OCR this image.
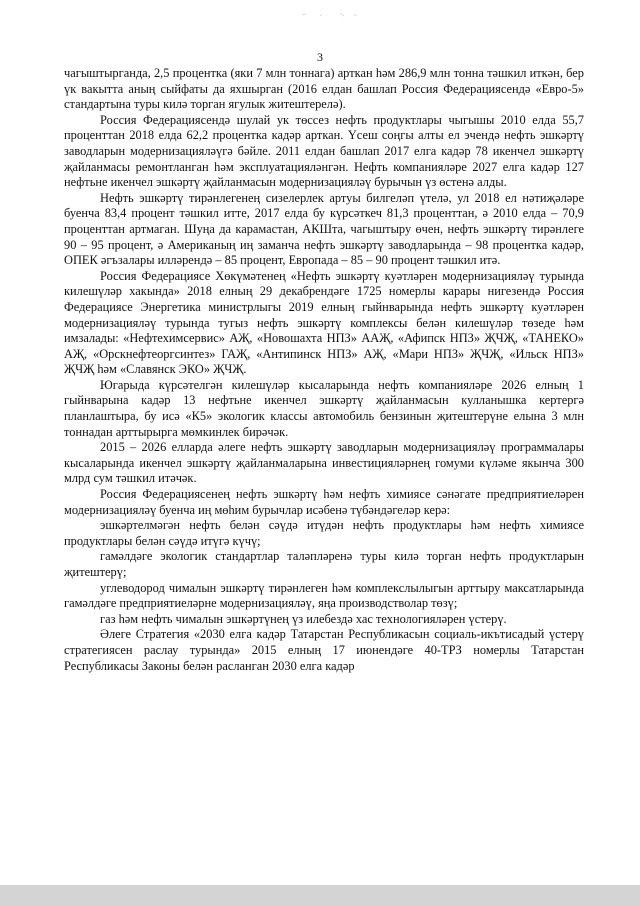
3

чагыштырганда, 2,5 процентка (яки 7 млн тоннага) арткан һәм 286,9 млн тонна тәшкил иткән, бер үк вакытта аның сыйфаты да яхшырган (2016 елдан башлап Россия Федерациясендә «Евро-5» стандартына туры килә торган ягулык житештерелә).

Россия Федерациясендә шулай ук төссез нефть продуктлары чыгышы 2010 елда 55,7 проценттан 2018 елда 62,2 процентка кадәр арткан. Үсеш соңгы алты ел эчендә нефть эшкәртү заводларын модернизацияләүгә бәйле. 2011 елдан башлап 2017 елга кадәр 78 икенчел эшкәртү җайланмасы ремонтланган һәм эксплуатацияләнгән. Нефть компанияләре 2027 елга кадәр 127 нефтьне икенчел эшкәртү җайланмасын модернизацияләү бурычын үз өстенә алды.

Нефть эшкәртү тирәнлегенең сизелерлек артуы билгеләп үтелә, ул 2018 ел нәтиҗәләре буенча 83,4 процент тәшкил итте, 2017 елда бу күрсәткеч 81,3 проценттан, ә 2010 елда – 70,9 проценттан артмаган. Шуңа да карамастан, АКШта, чагыштыру өчен, нефть эшкәртү тирәнлеге 90 – 95 процент, ә Американың иң заманча нефть эшкәртү заводларында – 98 процентка кадәр, ОПЕК әгъзалары илләрендә – 85 процент, Европада – 85 – 90 процент тәшкил итә.

Россия Федерациясе Хөкүмәтенең «Нефть эшкәртү куәтләрен модернизацияләү турында килешүләр хакында» 2018 елның 29 декабрендәге 1725 номерлы карары нигезендә Россия Федерациясе Энергетика министрлыгы 2019 елның гыйнварында нефть эшкәртү куәтләрен модернизацияләү турында тугыз нефть эшкәртү комплексы белән килешүләр төзеде һәм имзалады: «Нефтехимсервис» АҖ, «Новошахта НПЗ» ААҖ, «Афипск НПЗ» ҖЧҖ, «ТАНЕКО» АҖ, «Орскнефтеоргсинтез» ГАҖ, «Антипинск НПЗ» АҖ, «Мари НПЗ» ҖЧҖ, «Ильск НПЗ» ҖЧҖ һәм «Славянск ЭКО» ҖЧҖ.

Югарыда күрсәтелгән килешүләр кысаларында нефть компанияләре 2026 елның 1 гыйнварына кадәр 13 нефтьне икенчел эшкәртү җайланмасын кулланышка кертергә планлаштыра, бу исә «К5» экологик классы автомобиль бензинын җитештерүне елына 3 млн тоннадан арттырырга мөмкинлек бирәчәк.

2015 – 2026 елларда әлеге нефть эшкәртү заводларын модернизацияләү программалары кысаларында икенчел эшкәртү җайланмаларына инвестицияләрнең гомуми күләме якынча 300 млрд сум тәшкил итәчәк.

Россия Федерациясенең нефть эшкәртү һәм нефть химиясе сәнәгате предприятиеләрен модернизацияләү буенча иң мөһим бурычлар исәбенә түбәндәгеләр керә:

эшкәртелмәгән нефть белән сәүдә итүдән нефть продуктлары һәм нефть химиясе продуктлары белән сәүдә итүгә күчү;

гамәлдәге экологик стандартлар таләпләренә туры килә торган нефть продуктларын җитештерү;

углеводород чималын эшкәртү тирәнлеген һәм комплекслылыгын арттыру максатларында гамәлдәге предприятиеләрне модернизацияләү, яңа производстволар төзү;

газ һәм нефть чималын эшкәртүнең үз илебездә хас технологияләрен үстерү.

Әлеге Стратегия «2030 елга кадәр Татарстан Республикасын социаль-икътисадый үстерү стратегиясен раслау турында» 2015 елның 17 июнендәге 40-ТРЗ номерлы Татарстан Республикасы Законы белән расланган 2030 елга кадәр
